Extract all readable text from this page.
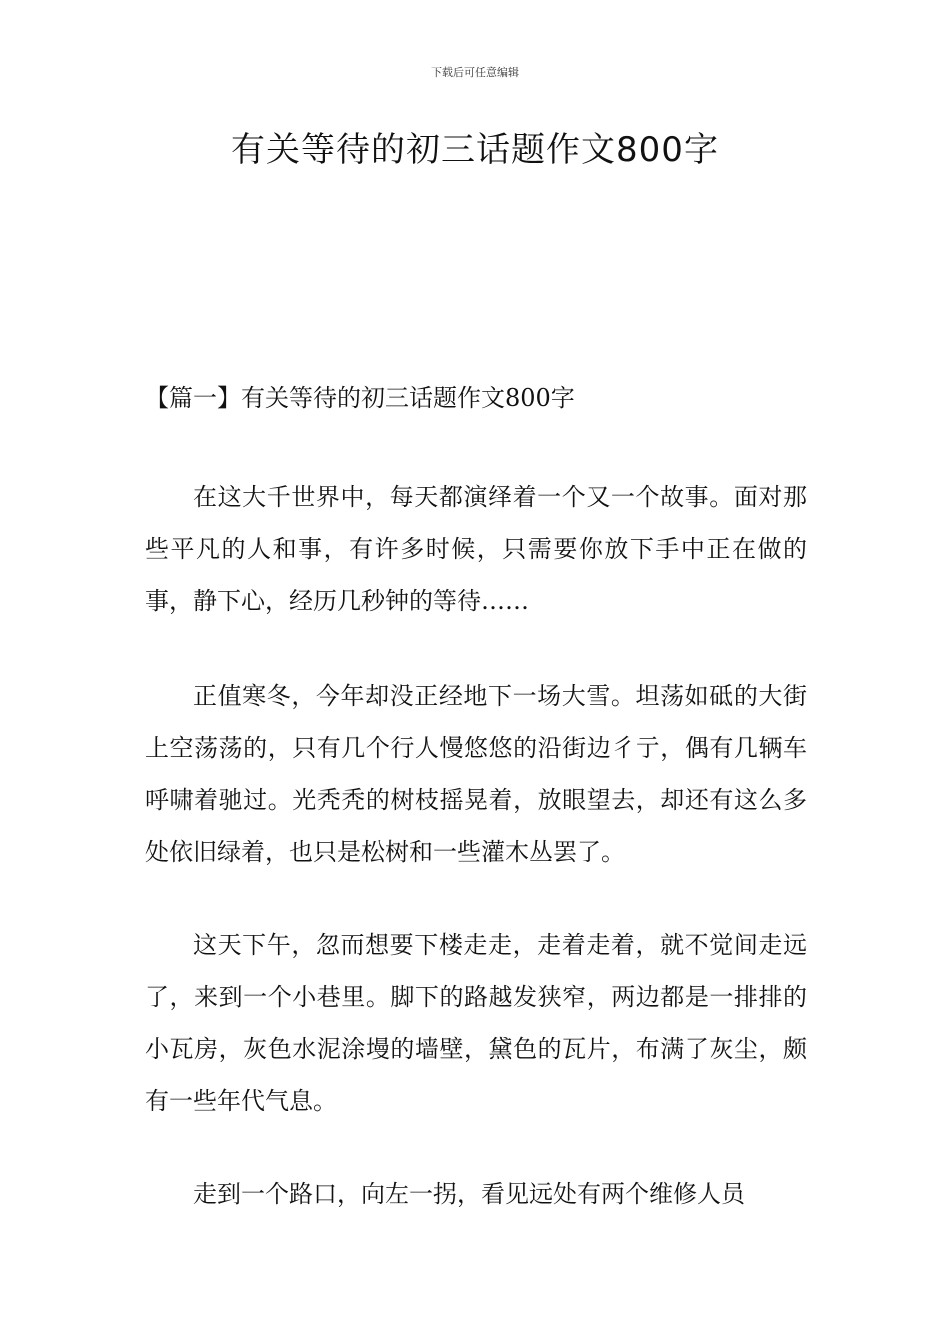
下载后可任意编辑
有关等待的初三话题作文800字
【篇一】有关等待的初三话题作文800字

在这大千世界中，每天都演绎着一个又一个故事。面对那些平凡的人和事，有许多时候，只需要你放下手中正在做的事，静下心，经历几秒钟的等待……

正值寒冬，今年却没正经地下一场大雪。坦荡如砥的大街上空荡荡的，只有几个行人慢悠悠的沿街边彳亍，偶有几辆车呼啸着驰过。光秃秃的树枝摇晃着，放眼望去，却还有这么多处依旧绿着，也只是松树和一些灌木丛罢了。

这天下午，忽而想要下楼走走，走着走着，就不觉间走远了，来到一个小巷里。脚下的路越发狭窄，两边都是一排排的小瓦房，灰色水泥涂墁的墙壁，黛色的瓦片，布满了灰尘，颇有一些年代气息。

走到一个路口，向左一拐，看见远处有两个维修人员
